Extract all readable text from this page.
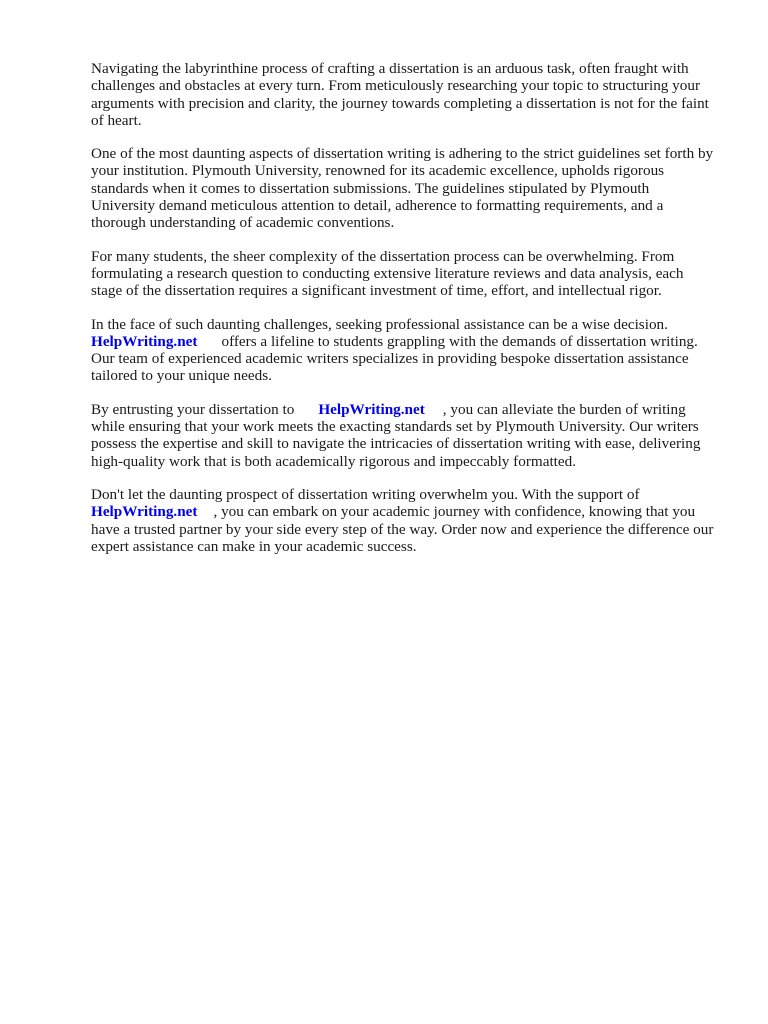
Navigating the labyrinthine process of crafting a dissertation is an arduous task, often fraught with challenges and obstacles at every turn. From meticulously researching your topic to structuring your arguments with precision and clarity, the journey towards completing a dissertation is not for the faint of heart.

One of the most daunting aspects of dissertation writing is adhering to the strict guidelines set forth by your institution. Plymouth University, renowned for its academic excellence, upholds rigorous standards when it comes to dissertation submissions. The guidelines stipulated by Plymouth University demand meticulous attention to detail, adherence to formatting requirements, and a thorough understanding of academic conventions.

For many students, the sheer complexity of the dissertation process can be overwhelming. From formulating a research question to conducting extensive literature reviews and data analysis, each stage of the dissertation requires a significant investment of time, effort, and intellectual rigor.

In the face of such daunting challenges, seeking professional assistance can be a wise decision. HelpWriting.net offers a lifeline to students grappling with the demands of dissertation writing. Our team of experienced academic writers specializes in providing bespoke dissertation assistance tailored to your unique needs.

By entrusting your dissertation to HelpWriting.net , you can alleviate the burden of writing while ensuring that your work meets the exacting standards set by Plymouth University. Our writers possess the expertise and skill to navigate the intricacies of dissertation writing with ease, delivering high-quality work that is both academically rigorous and impeccably formatted.

Don't let the daunting prospect of dissertation writing overwhelm you. With the support of HelpWriting.net , you can embark on your academic journey with confidence, knowing that you have a trusted partner by your side every step of the way. Order now and experience the difference our expert assistance can make in your academic success.
